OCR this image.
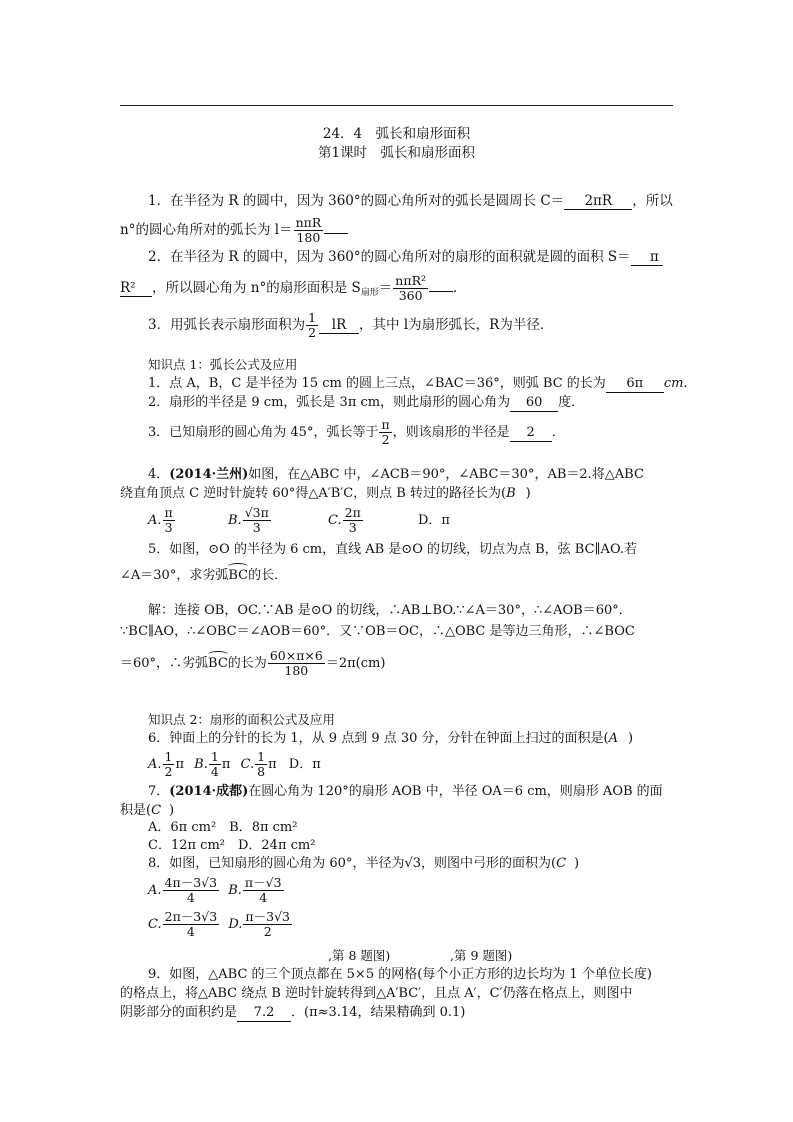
24．4　弧长和扇形面积
第1课时　弧长和扇形面积
1．在半径为 R 的圆中，因为 360°的圆心角所对的弧长是圆周长 C＝ 2πR ，所以
n°的圆心角所对的弧长为 $l= \frac{\text{nπR}}{180}$
2．在半径为 R 的圆中，因为 360°的圆心角所对的扇形的面积就是圆的面积 S＝ π
R² ，所以圆心角为 n°的扇形面积是 $S_{扇形}= \frac{\text{nπR²}}{360}$ ．
3．用弧长表示扇形面积为 $\frac{1}{2}$ lR ，其中 l为扇形弧长，R为半径．
知识点 1：弧长公式及应用
1．点 A，B，C 是半径为 15 cm 的圆上三点，∠BAC＝36°，则弧 BC 的长为 6π cm.
2．扇形的半径是 9 cm，弧长是 3π cm，则此扇形的圆心角为 60 度．
3．已知扇形的圆心角为 45°，弧长等于 $\frac{\pi}{2}$ ，则该扇形的半径是 2 ．
4．(2014·兰州)如图，在△ABC 中，∠ACB＝90°，∠ABC＝30°，AB＝2.将△ABC
绕直角顶点 C 逆时针旋转 60°得△A′B′C，则点 B 转过的路径长为(B )
A. $\frac{\pi}{3}$	B. $\frac{√3\pi}{3}$	C. $\frac{2\pi}{3}$	D．π
5．如图，⊙O 的半径为 6 cm，直线 AB 是⊙O 的切线，切点为点 B，弦 BC∥AO.若
∠A＝30°，求劣弧BC的长．
解：连接 OB，OC.∵AB 是⊙O 的切线，∴AB⊥BO.∵∠A＝30°，∴∠AOB＝60°．
∵BC∥AO，∴∠OBC＝∠AOB＝60°．又∵OB＝OC，∴△OBC 是等边三角形，∴∠BOC
＝60°，∴劣弧BC的长为 $\frac{60\times\pi\times 6}{180} =2\pi(cm)$
知识点 2：扇形的面积公式及应用
6．钟面上的分针的长为 1，从 9 点到 9 点 30 分，分针在钟面上扫过的面积是(A )
A. $\frac{1}{2}$ π B. $\frac{1}{4}$ π C. $\frac{1}{8}$ π D．π
7．(2014·成都)在圆心角为 120°的扇形 AOB 中，半径 OA＝6 cm，则扇形 AOB 的面
积是(C )
A．6π cm²　B．8π cm²
C．12π cm²　D．24π cm²
8．如图，已知扇形的圆心角为 60°，半径为√3，则图中弓形的面积为(C )
A. $\frac{4\pi-3√3}{4} B$. $\frac{\pi-√3}{4}$
C. $\frac{2\pi-3√3}{4} D$. $\frac{\pi-3√3}{2}$
,第 8 题图)	,第 9 题图)
9．如图，△ABC 的三个顶点都在 5×5 的网格(每个小正方形的边长均为 1 个单位长度)
的格点上，将△ABC 绕点 B 逆时针旋转得到△A′BC′，且点 A′，C′仍落在格点上，则图中
阴影部分的面积约是 7.2 ．(π≈3.14，结果精确到 0.1)
